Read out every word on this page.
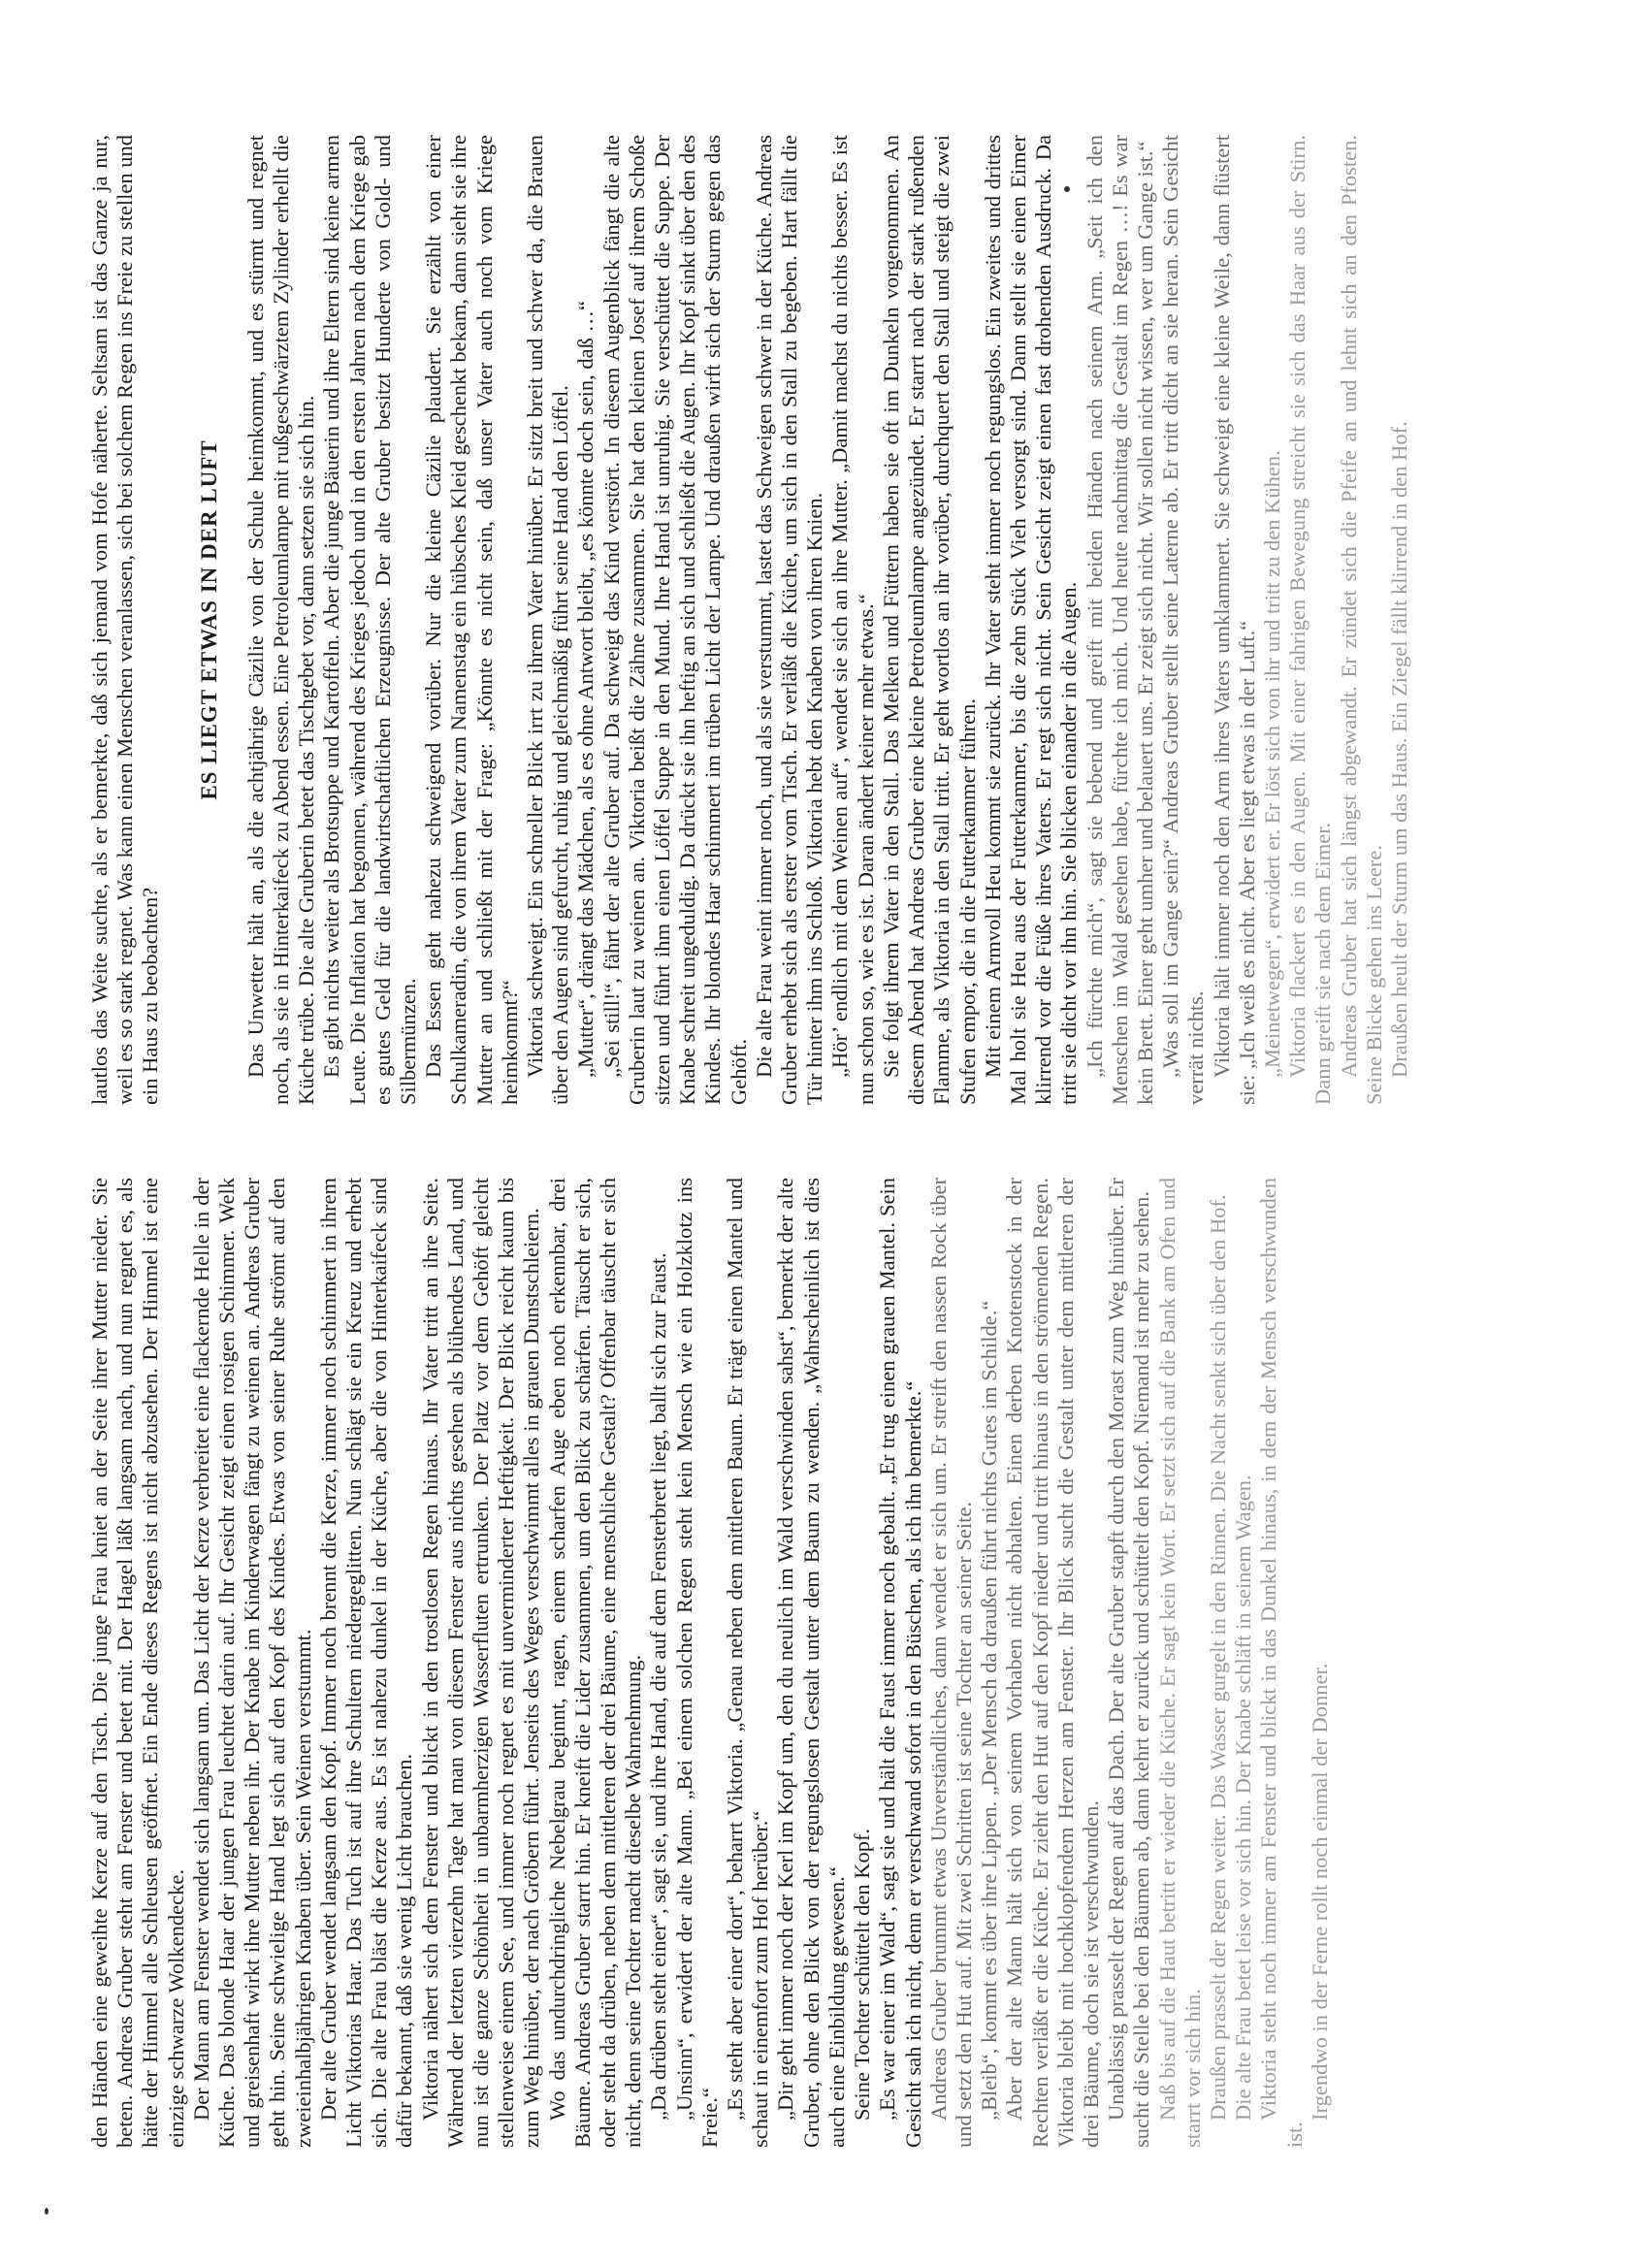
den Händen eine geweihte Kerze auf den Tisch. Die junge Frau kniet an der Seite ihrer Mutter nieder. Sie beten. Andreas Gruber steht am Fenster und betet mit. Der Hagel läßt langsam nach, und nun regnet es, als hätte der Himmel alle Schleusen geöffnet. Ein Ende dieses Regens ist nicht abzusehen. Der Himmel ist eine einzige schwarze Wolkendecke. Der Mann am Fenster wendet sich langsam um. Das Licht der Kerze verbreitet eine flackernde Helle in der Küche. Das blonde Haar der jungen Frau leuchtet darin auf. Ihr Gesicht zeigt einen rosigen Schimmer. Welk und greisenhaft wirkt ihre Mutter neben ihr. Der Knabe im Kinderwagen fängt zu weinen an. Andreas Gruber geht hin. Seine schwielige Hand legt sich auf den Kopf des Kindes. Etwas von seiner Ruhe strömt auf den zweieinhalbjährigen Knaben über. Sein Weinen verstummt. Der alte Gruber wendet langsam den Kopf. Immer noch brennt die Kerze, immer noch schimmert in ihrem Licht Viktorias Haar. Das Tuch ist auf ihre Schultern niedergeglitten. Nun schlägt sie ein Kreuz und erhebt sich. Die alte Frau bläst die Kerze aus. Es ist nahezu dunkel in der Küche, aber die von Hinterkaifeck sind dafür bekannt, daß sie wenig Licht brauchen. Viktoria nähert sich dem Fenster und blickt in den trostlosen Regen hinaus. Ihr Vater tritt an ihre Seite. Während der letzten vierzehn Tage hat man von diesem Fenster aus nichts gesehen als blühendes Land, und nun ist die ganze Schönheit in unbarmherzigen Wasserfluten ertrunken. Der Platz vor dem Gehöft gleicht stellenweise einem See, und immer noch regnet es mit unverminderter Heftigkeit. Der Blick reicht kaum bis zum Weg hinüber, der nach Gröbern führt. Jenseits des Weges verschwimmt alles in grauen Dunstschleiern. Wo das undurchdringliche Nebelgrau beginnt, ragen, einem scharfen Auge eben noch erkennbar, drei Bäume. Andreas Gruber starrt hin. Er kneift die Lider zusammen, um den Blick zu schärfen. Täuscht er sich, oder steht da drüben, neben dem mittleren der drei Bäume, eine menschliche Gestalt? Offenbar täuscht er sich nicht, denn seine Tochter macht dieselbe Wahrnehmung. „Da drüben steht einer“, sagt sie, und ihre Hand, die auf dem Fensterbrett liegt, ballt sich zur Faust. „Unsinn“, erwidert der alte Mann. „Bei einem solchen Regen steht kein Mensch wie ein Holzklotz ins Freie.“ „Es steht aber einer dort“, beharrt Viktoria. „Genau neben dem mittleren Baum. Er trägt einen Mantel und schaut in einemfort zum Hof herüber.“ „Dir geht immer noch der Kerl im Kopf um, den du neulich im Wald verschwinden sahst“, bemerkt der alte Gruber, ohne den Blick von der regungslosen Gestalt unter dem Baum zu wenden. „Wahrscheinlich ist dies auch eine Einbildung gewesen.“ Seine Tochter schüttelt den Kopf. „Es war einer im Wald“, sagt sie und hält die Faust immer noch geballt. „Er trug einen grauen Mantel. Sein Gesicht sah ich nicht, denn er verschwand sofort in den Büschen, als ich ihn bemerkte.“ Andreas Gruber brummt etwas Unverständliches, dann wendet er sich um. Er streift den nassen Rock über und setzt den Hut auf. Mit zwei Schritten ist seine Tochter an seiner Seite. „Bleib“, kommt es über ihre Lippen. „Der Mensch da draußen führt nichts Gutes im Schilde.“ Aber der alte Mann hält sich von seinem Vorhaben nicht abhalten. Einen derben Knotenstock in der Rechten verläßt er die Küche. Er zieht den Hut auf den Kopf nieder und tritt hinaus in den strömenden Regen. Viktoria bleibt mit hochklopfendem Herzen am Fenster. Ihr Blick sucht die Gestalt unter dem mittleren der drei Bäume, doch sie ist verschwunden. Unablässig prasselt der Regen auf das Dach. Der alte Gruber stapft durch den Morast zum Weg hinüber. Er sucht die Stelle bei den Bäumen ab, dann kehrt er zurück und schüttelt den Kopf. Niemand ist mehr zu sehen. Naß bis auf die Haut betritt er wieder die Küche. Er sagt kein Wort. Er setzt sich auf die Bank am Ofen und starrt vor sich hin. Draußen prasselt der Regen weiter. Das Wasser gurgelt in den Rinnen. Die Nacht senkt sich über den Hof. Die alte Frau betet leise vor sich hin. Der Knabe schläft in seinem Wagen. Viktoria steht noch immer am Fenster und blickt in das Dunkel hinaus, in dem der Mensch verschwunden ist.

Irgendwo in der Ferne rollt noch einmal der Donner.

lautlos das Weite suchte, als er bemerkte, daß sich jemand vom Hofe näherte. Seltsam ist das Ganze ja nur, weil es so stark regnet. Was kann einen Menschen veranlassen, sich bei solchem Regen ins Freie zu stellen und ein Haus zu beobachten?

ES LIEGT ETWAS IN DER LUFT Das Unwetter hält an, als die achtjährige Cäzilie von der Schule heimkommt, und es stürmt und regnet noch, als sie in Hinterkaifeck zu Abend essen. Eine Petroleumlampe mit rußgeschwärztem Zylinder erhellt die Küche trübe. Die alte Gruberin betet das Tischgebet vor, dann setzen sie sich hin. Es gibt nichts weiter als Brotsuppe und Kartoffeln. Aber die junge Bäuerin und ihre Eltern sind keine armen Leute. Die Inflation hat begonnen, während des Krieges jedoch und in den ersten Jahren nach dem Kriege gab es gutes Geld für die landwirtschaftlichen Erzeugnisse. Der alte Gruber besitzt Hunderte von Gold- und Silbermünzen. Das Essen geht nahezu schweigend vorüber. Nur die kleine Cäzilie plaudert. Sie erzählt von einer Schulkameradin, die von ihrem Vater zum Namenstag ein hübsches Kleid geschenkt bekam, dann sieht sie ihre Mutter an und schließt mit der Frage: „Könnte es nicht sein, daß unser Vater auch noch vom Kriege heimkommt?“ Viktoria schweigt. Ein schneller Blick irrt zu ihrem Vater hinüber. Er sitzt breit und schwer da, die Brauen über den Augen sind gefurcht, ruhig und gleichmäßig führt seine Hand den Löffel. „Mutter“, drängt das Mädchen, als es ohne Antwort bleibt, „es könnte doch sein, daß …“ „Sei still!“, fährt der alte Gruber auf. Da schweigt das Kind verstört. In diesem Augenblick fängt die alte Gruberin laut zu weinen an. Viktoria beißt die Zähne zusammen. Sie hat den kleinen Josef auf ihrem Schoße sitzen und führt ihm einen Löffel Suppe in den Mund. Ihre Hand ist unruhig. Sie verschüttet die Suppe. Der Knabe schreit ungeduldig. Da drückt sie ihn heftig an sich und schließt die Augen. Ihr Kopf sinkt über den des Kindes. Ihr blondes Haar schimmert im trüben Licht der Lampe. Und draußen wirft sich der Sturm gegen das Gehöft. Die alte Frau weint immer noch, und als sie verstummt, lastet das Schweigen schwer in der Küche. Andreas Gruber erhebt sich als erster vom Tisch. Er verläßt die Küche, um sich in den Stall zu begeben. Hart fällt die Tür hinter ihm ins Schloß. Viktoria hebt den Knaben von ihren Knien. „Hör’ endlich mit dem Weinen auf“, wendet sie sich an ihre Mutter. „Damit machst du nichts besser. Es ist nun schon so, wie es ist. Daran ändert keiner mehr etwas.“ Sie folgt ihrem Vater in den Stall. Das Melken und Füttern haben sie oft im Dunkeln vorgenommen. An diesem Abend hat Andreas Gruber eine kleine Petroleumlampe angezündet. Er starrt nach der stark rußenden Flamme, als Viktoria in den Stall tritt. Er geht wortlos an ihr vorüber, durchquert den Stall und steigt die zwei Stufen empor, die in die Futterkammer führen. Mit einem Armvoll Heu kommt sie zurück. Ihr Vater steht immer noch regungslos. Ein zweites und drittes Mal holt sie Heu aus der Futterkammer, bis die zehn Stück Vieh versorgt sind. Dann stellt sie einen Eimer klirrend vor die Füße ihres Vaters. Er regt sich nicht. Sein Gesicht zeigt einen fast drohenden Ausdruck. Da tritt sie dicht vor ihn hin. Sie blicken einander in die Augen. „Ich fürchte mich“, sagt sie bebend und greift mit beiden Händen nach seinem Arm. „Seit ich den Menschen im Wald gesehen habe, fürchte ich mich. Und heute nachmittag die Gestalt im Regen …! Es war kein Brett. Einer geht umher und belauert uns. Er zeigt sich nicht. Wir sollen nicht wissen, wer um Gange ist.“ „Was soll im Gange sein?“ Andreas Gruber stellt seine Laterne ab. Er tritt dicht an sie heran. Sein Gesicht verrät nichts. Viktoria hält immer noch den Arm ihres Vaters umklammert. Sie schweigt eine kleine Weile, dann flüstert sie: „Ich weiß es nicht. Aber es liegt etwas in der Luft.“ „Meinetwegen“, erwidert er. Er löst sich von ihr und tritt zu den Kühen. Viktoria flackert es in den Augen. Mit einer fahrigen Bewegung streicht sie sich das Haar aus der Stirn. Dann greift sie nach dem Eimer. Andreas Gruber hat sich längst abgewandt. Er zündet sich die Pfeife an und lehnt sich an den Pfosten. Seine Blicke gehen ins Leere. Draußen heult der Sturm um das Haus. Ein Ziegel fällt klirrend in den Hof.
